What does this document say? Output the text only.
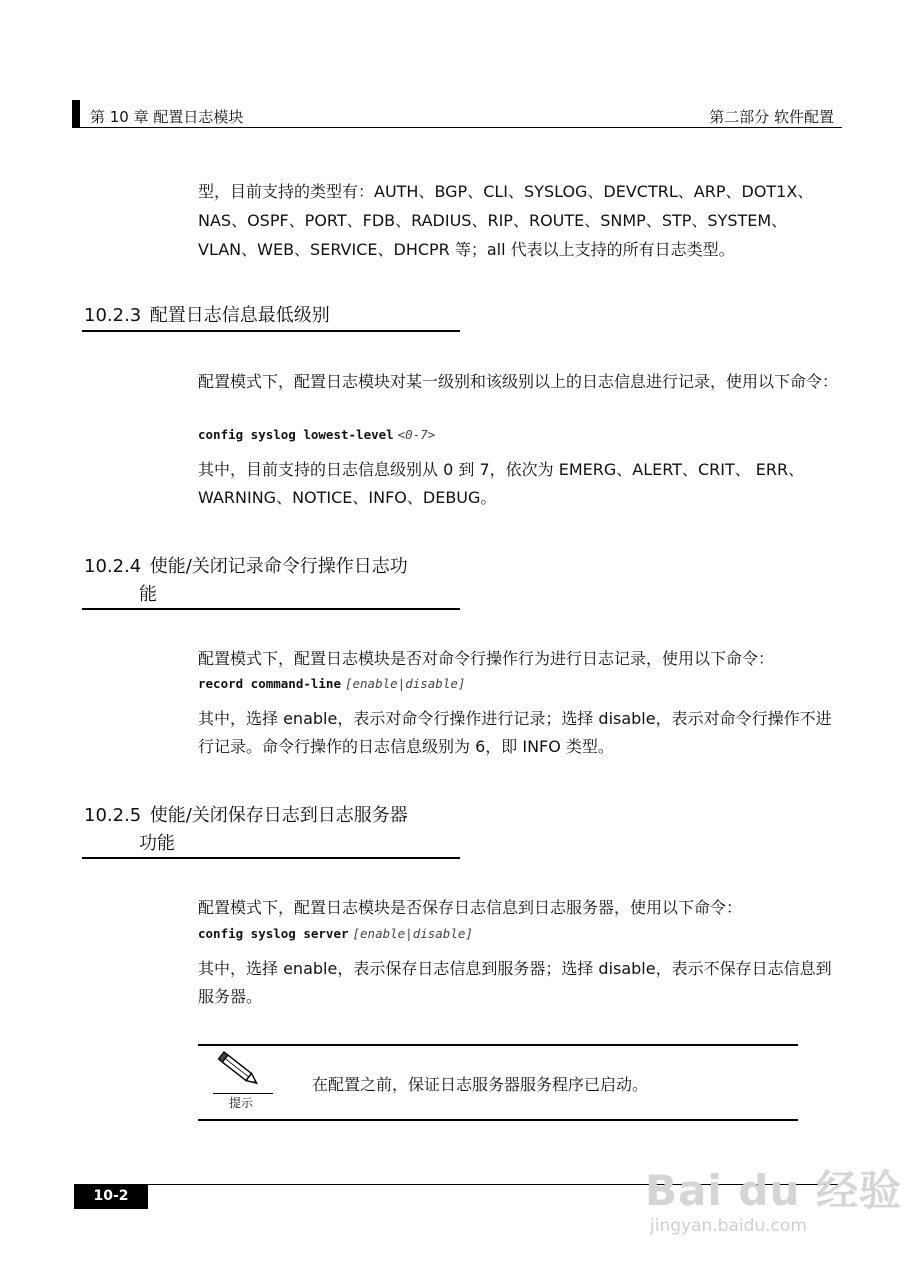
第 10 章 配置日志模块	第二部分 软件配置
型，目前支持的类型有：AUTH、BGP、CLI、SYSLOG、DEVCTRL、ARP、DOT1X、NAS、OSPF、PORT、FDB、RADIUS、RIP、ROUTE、SNMP、STP、SYSTEM、VLAN、WEB、SERVICE、DHCPR 等；all 代表以上支持的所有日志类型。
10.2.3 配置日志信息最低级别
配置模式下，配置日志模块对某一级别和该级别以上的日志信息进行记录，使用以下命令：
config syslog lowest-level <0-7>
其中，目前支持的日志信息级别从 0 到 7，依次为 EMERG、ALERT、CRIT、 ERR、WARNING、NOTICE、INFO、DEBUG。
10.2.4 使能/关闭记录命令行操作日志功
能
配置模式下，配置日志模块是否对命令行操作行为进行日志记录，使用以下命令：
record command-line [enable|disable]
其中，选择 enable，表示对命令行操作进行记录；选择 disable，表示对命令行操作不进行记录。命令行操作的日志信息级别为 6，即 INFO 类型。
10.2.5 使能/关闭保存日志到日志服务器
功能
配置模式下，配置日志模块是否保存日志信息到日志服务器，使用以下命令：
config syslog server [enable|disable]
其中，选择 enable，表示保存日志信息到服务器；选择 disable，表示不保存日志信息到服务器。
提示
在配置之前，保证日志服务器服务程序已启动。
10-2	Bai du 经验
jingyan.baidu.com
